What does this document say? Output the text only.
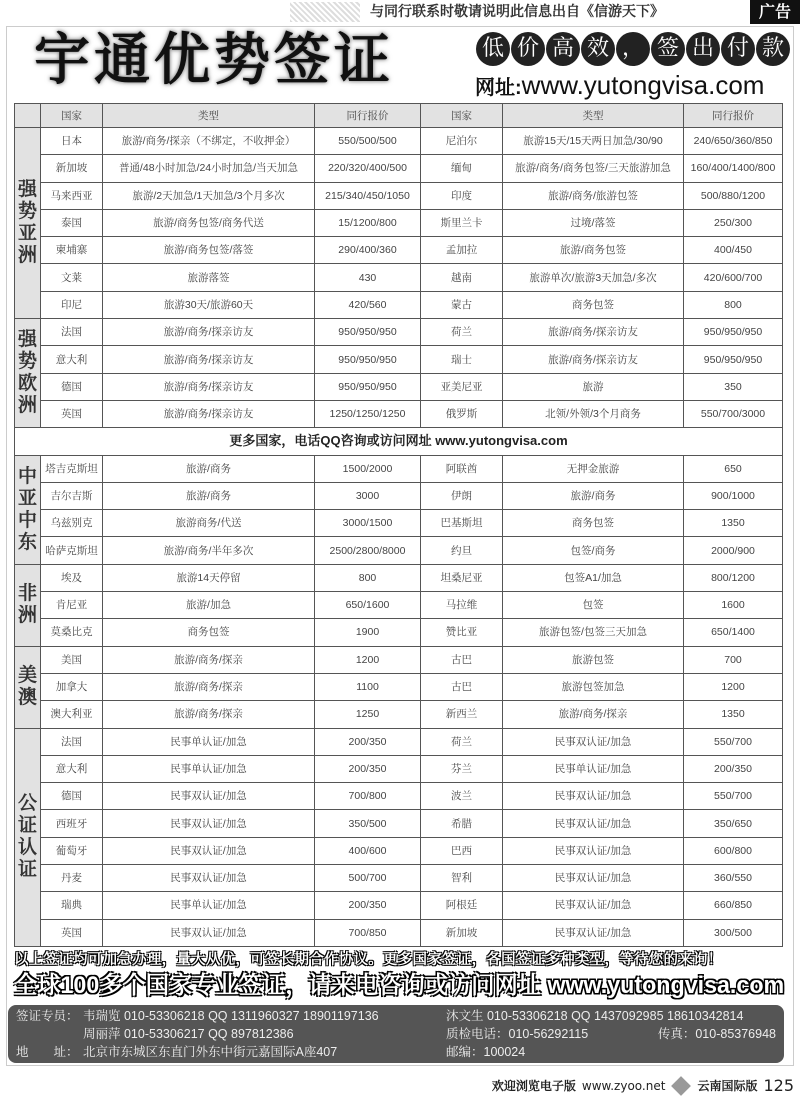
与同行联系时敬请说明此信息出自《信游天下》	广告
宇通优势签证	低 价 高 效 ， 签 出 付 款
网址:www.yutongvisa.com
	国家	类型	同行报价	国家	类型	同行报价
强势亚洲	日本	旅游/商务/探亲（不绑定，不收押金）	550/500/500	尼泊尔	旅游15天/15天两日加急/30/90	240/650/360/850
	新加坡	普通/48小时加急/24小时加急/当天加急	220/320/400/500	缅甸	旅游/商务/商务包签/三天旅游加急	160/400/1400/800
	马来西亚	旅游/2天加急/1天加急/3个月多次	215/340/450/1050	印度	旅游/商务/旅游包签	500/880/1200
	泰国	旅游/商务包签/商务代送	15/1200/800	斯里兰卡	过境/落签	250/300
	柬埔寨	旅游/商务包签/落签	290/400/360	孟加拉	旅游/商务包签	400/450
	文莱	旅游落签	430	越南	旅游单次/旅游3天加急/多次	420/600/700
	印尼	旅游30天/旅游60天	420/560	蒙古	商务包签	800
强势欧洲	法国	旅游/商务/探亲访友	950/950/950	荷兰	旅游/商务/探亲访友	950/950/950
	意大利	旅游/商务/探亲访友	950/950/950	瑞士	旅游/商务/探亲访友	950/950/950
	德国	旅游/商务/探亲访友	950/950/950	亚美尼亚	旅游	350
	英国	旅游/商务/探亲访友	1250/1250/1250	俄罗斯	北领/外领/3个月商务	550/700/3000
更多国家，电话QQ咨询或访问网址 www.yutongvisa.com						
中亚中东	塔吉克斯坦	旅游/商务	1500/2000	阿联酋	无押金旅游	650
	吉尔吉斯	旅游/商务	3000	伊朗	旅游/商务	900/1000
	乌兹别克	旅游商务/代送	3000/1500	巴基斯坦	商务包签	1350
	哈萨克斯坦	旅游/商务/半年多次	2500/2800/8000	约旦	包签/商务	2000/900
非洲	埃及	旅游14天停留	800	坦桑尼亚	包签A1/加急	800/1200
	肯尼亚	旅游/加急	650/1600	马拉维	包签	1600
	莫桑比克	商务包签	1900	赞比亚	旅游包签/包签三天加急	650/1400
美澳	美国	旅游/商务/探亲	1200	古巴	旅游包签	700
	加拿大	旅游/商务/探亲	1100	古巴	旅游包签加急	1200
	澳大利亚	旅游/商务/探亲	1250	新西兰	旅游/商务/探亲	1350
公证认证	法国	民事单认证/加急	200/350	荷兰	民事双认证/加急	550/700
	意大利	民事单认证/加急	200/350	芬兰	民事单认证/加急	200/350
	德国	民事双认证/加急	700/800	波兰	民事双认证/加急	550/700
	西班牙	民事双认证/加急	350/500	希腊	民事双认证/加急	350/650
	葡萄牙	民事双认证/加急	400/600	巴西	民事双认证/加急	600/800
	丹麦	民事双认证/加急	500/700	智利	民事双认证/加急	360/550
	瑞典	民事单认证/加急	200/350	阿根廷	民事双认证/加急	660/850
	英国	民事双认证/加急	700/850	新加坡	民事双认证/加急	300/500
以上签证均可加急办理，量大从优，可签长期合作协议。更多国家签证，各国签证多种类型，等待您的来询！
全球100多个国家专业签证，请来电咨询或访问网址 www.yutongvisa.com
签证专员： 韦瑞览 010-53306218 QQ 1311960327 18901197136	沐文生 010-53306218 QQ 1437092985 18610342814
周丽萍 010-53306217 QQ 897812386	质检电话：010-56292115	传真：010-85376948
地　　址： 北京市东城区东直门外东中街元嘉国际A座407	邮编：100024
欢迎浏览电子版 www.zyoo.net	云南国际版 125
